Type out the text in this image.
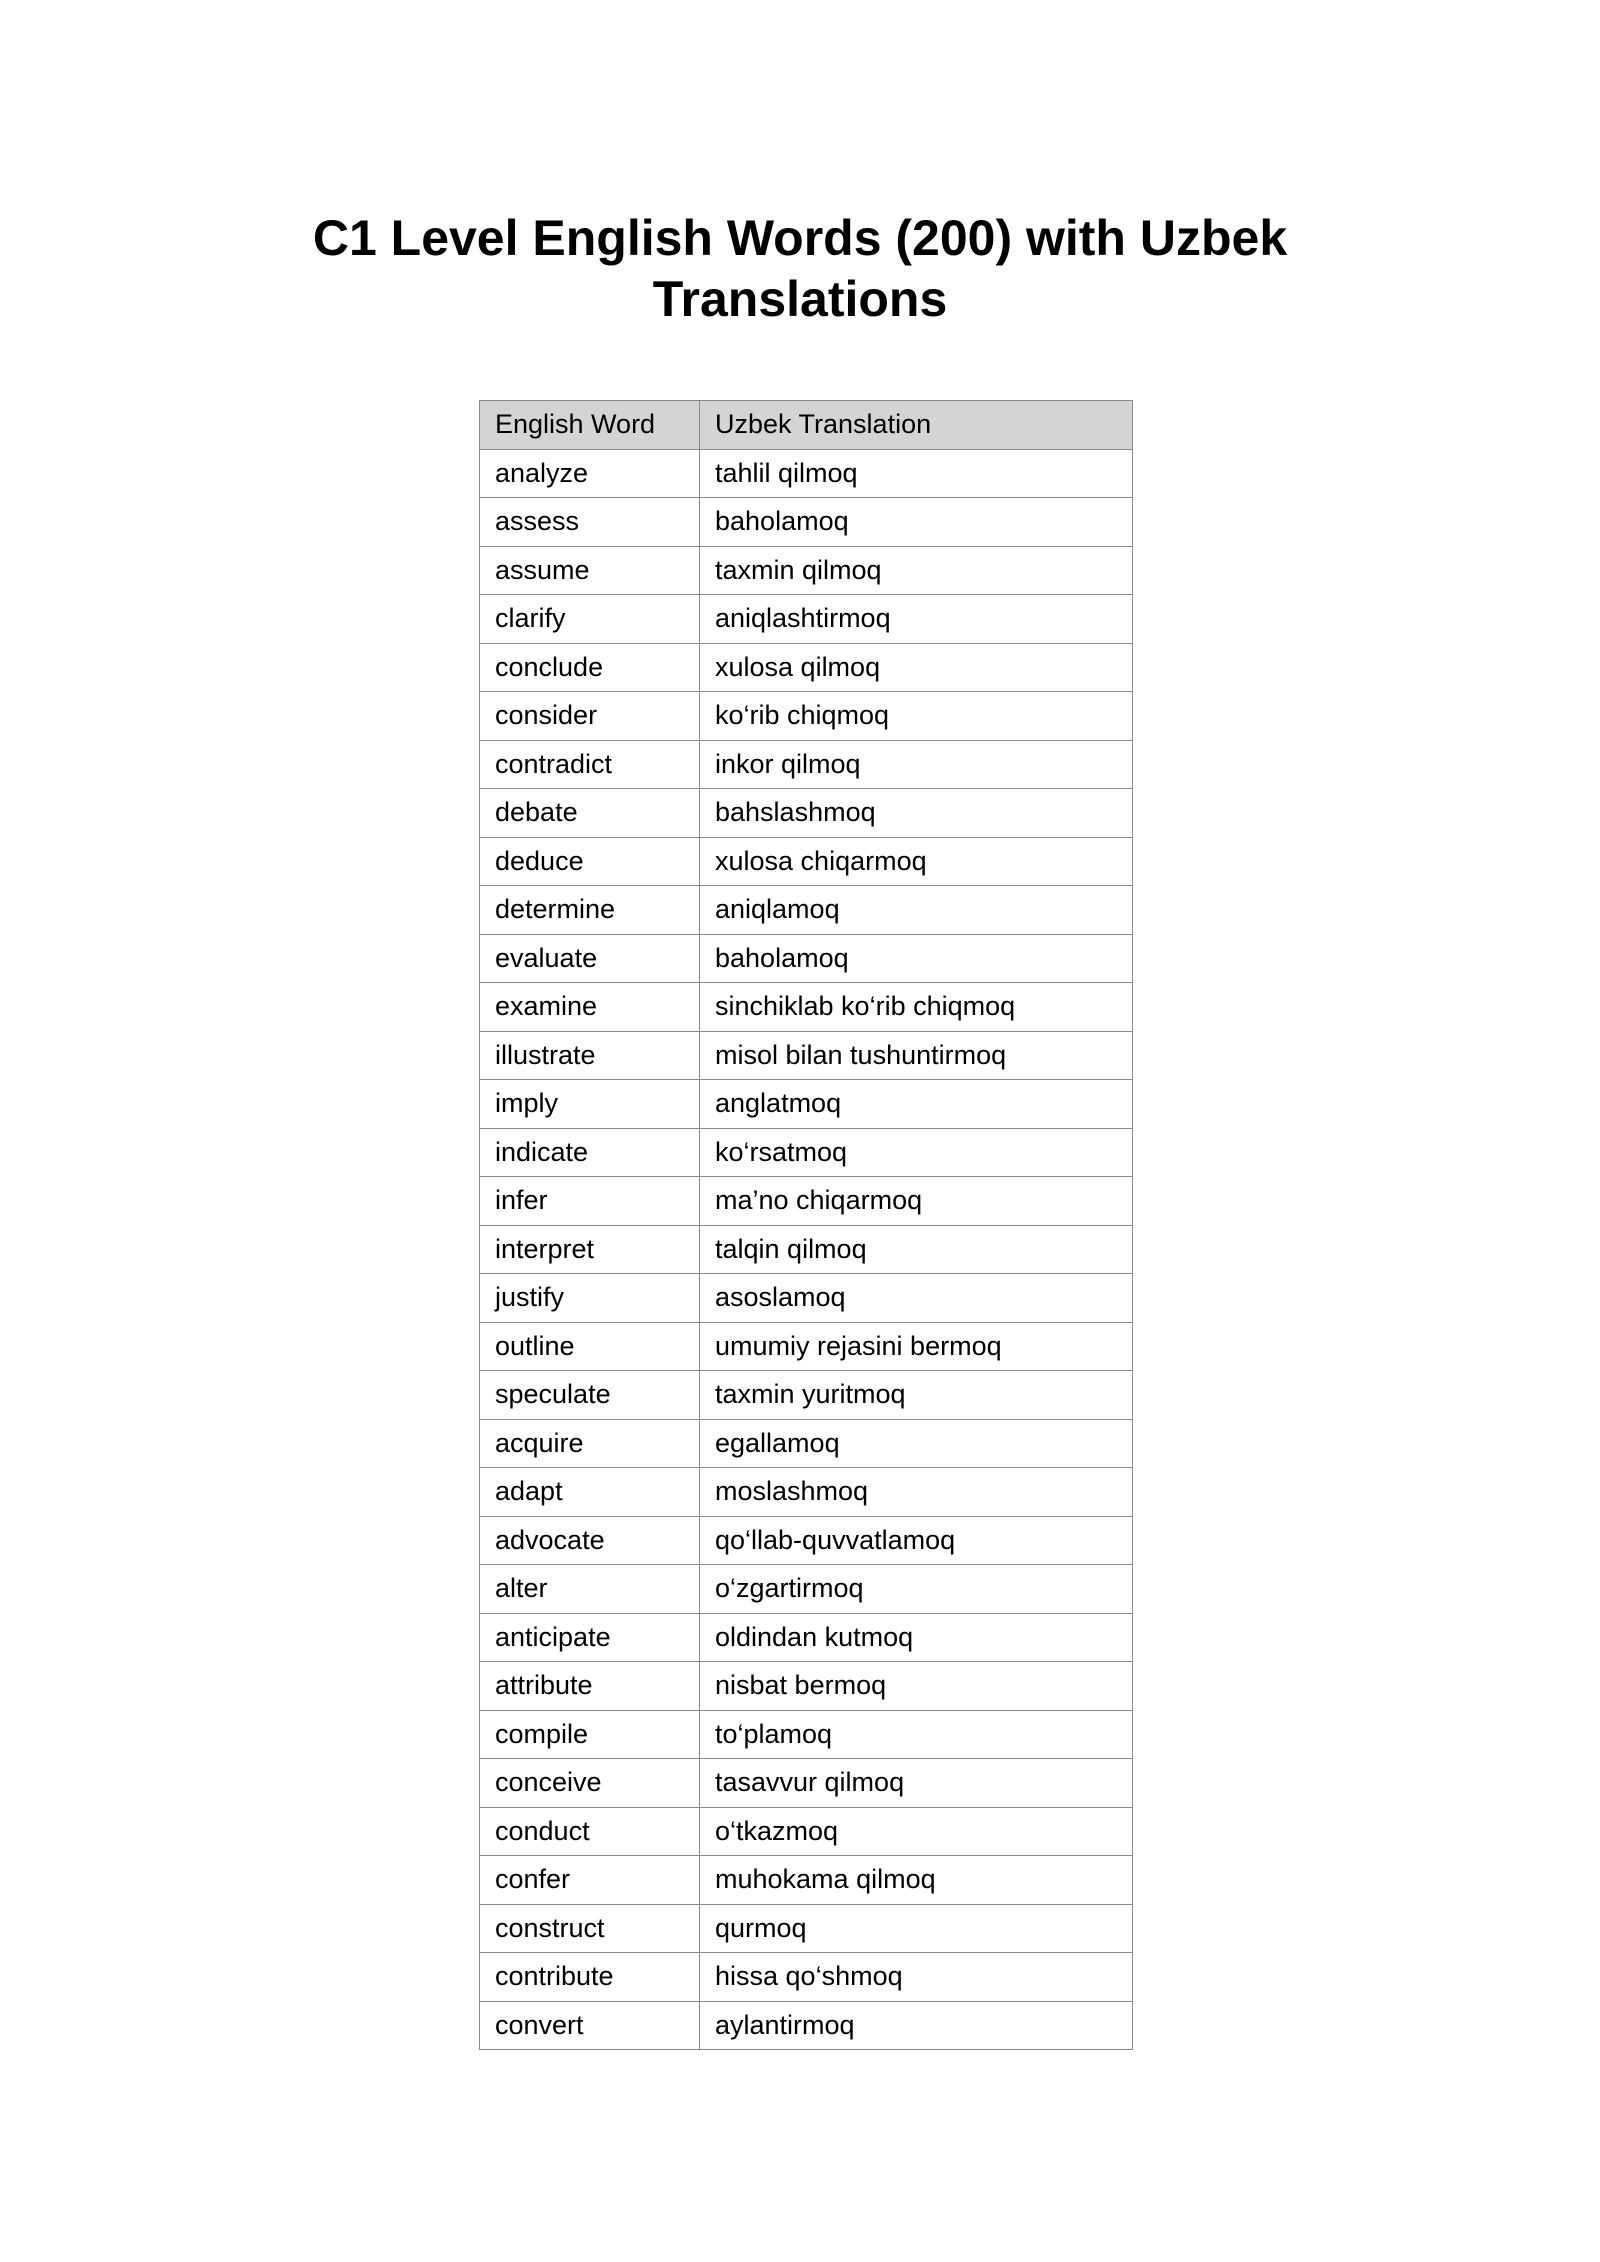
C1 Level English Words (200) with Uzbek Translations
English Word	Uzbek Translation
analyze	tahlil qilmoq
assess	baholamoq
assume	taxmin qilmoq
clarify	aniqlashtirmoq
conclude	xulosa qilmoq
consider	ko‘rib chiqmoq
contradict	inkor qilmoq
debate	bahslashmoq
deduce	xulosa chiqarmoq
determine	aniqlamoq
evaluate	baholamoq
examine	sinchiklab ko‘rib chiqmoq
illustrate	misol bilan tushuntirmoq
imply	anglatmoq
indicate	ko‘rsatmoq
infer	ma’no chiqarmoq
interpret	talqin qilmoq
justify	asoslamoq
outline	umumiy rejasini bermoq
speculate	taxmin yuritmoq
acquire	egallamoq
adapt	moslashmoq
advocate	qo‘llab-quvvatlamoq
alter	o‘zgartirmoq
anticipate	oldindan kutmoq
attribute	nisbat bermoq
compile	to‘plamoq
conceive	tasavvur qilmoq
conduct	o‘tkazmoq
confer	muhokama qilmoq
construct	qurmoq
contribute	hissa qo‘shmoq
convert	aylantirmoq
